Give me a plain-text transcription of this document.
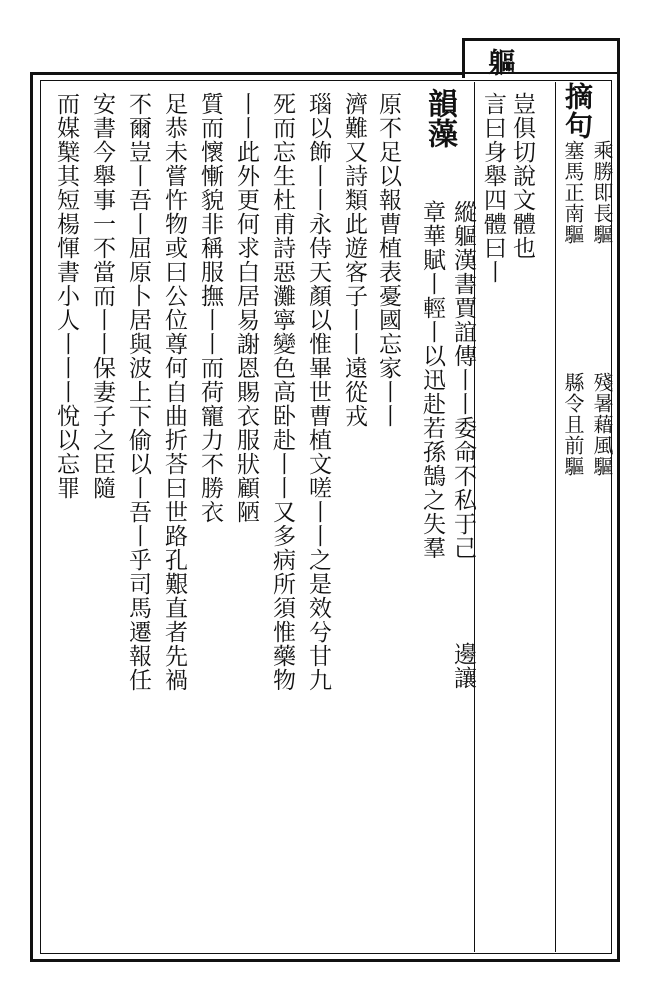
摘句
乘勝即長驅
殘暑藉風驅
塞馬正南驅
縣令且前驅
軀
豈俱切說文體也
言曰身舉四體曰丨
韻藻
縱軀漢書賈誼傳丨丨委命不私于己
邊讓
章華賦丨輕丨以迅赴若孫鵠之失羣
原不足以報曹植表憂國忘家丨丨
濟難又詩類此遊客子丨丨遠從戎
瑙以飾丨丨永侍天顏以惟畢世曹植文嗟丨丨之是效兮甘九
死而忘生杜甫詩惡灘寧變色高卧赴丨丨又多病所須惟藥物
丨丨此外更何求白居易謝恩賜衣服狀顧陋
質而懷慚貌非稱服撫丨丨而荷寵力不勝衣
足恭未嘗忤物或曰公位尊何自曲折荅曰世路孔艱直者先禍
不爾豈丨吾丨屈原卜居與波上下偷以丨吾丨乎司馬遷報任
安書今舉事一不當而丨丨保妻子之臣隨
而媒櫱其短楊惲書小人丨丨丨悅以忘罪
